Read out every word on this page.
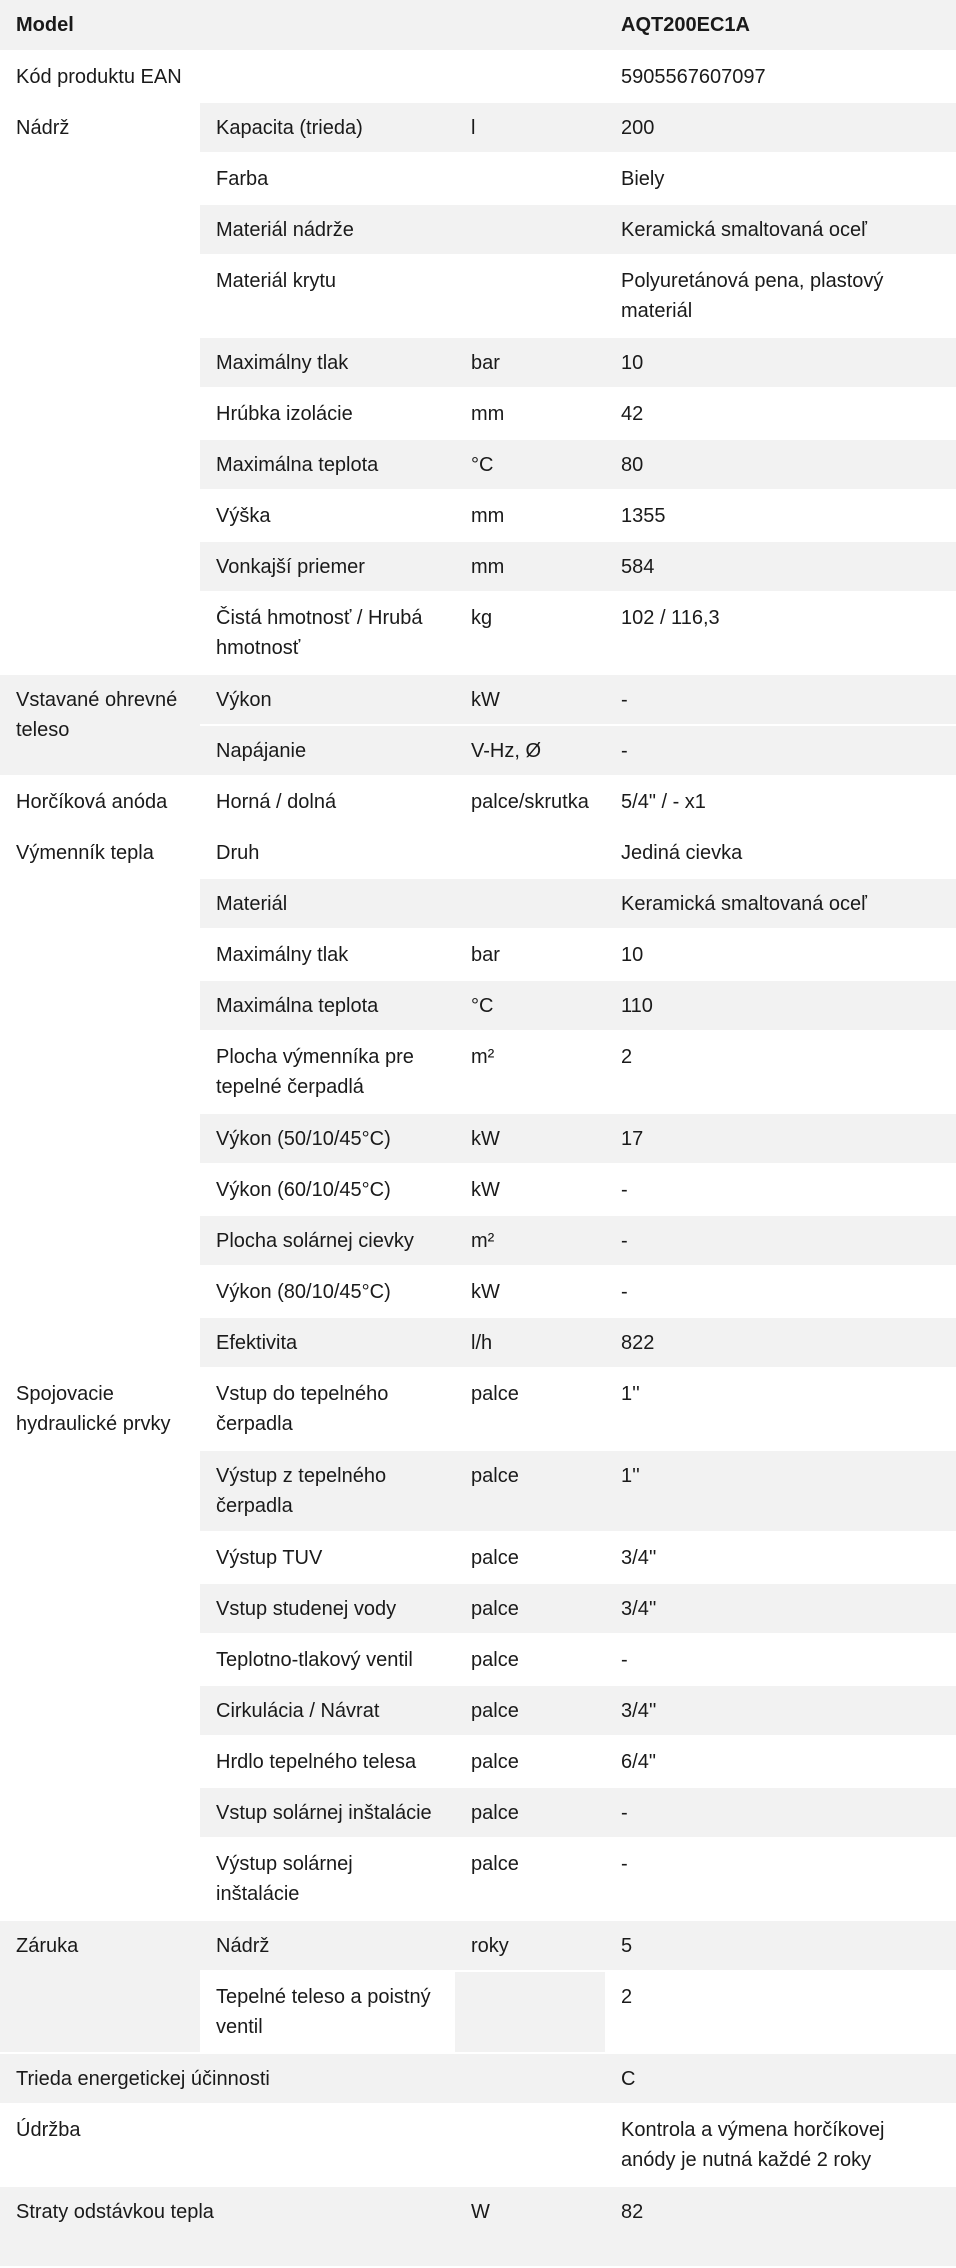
Model			AQT200EC1A
Kód produktu EAN			5905567607097
Nádrž	Kapacita (trieda)	l	200
	Farba		Biely
	Materiál nádrže		Keramická smaltovaná oceľ
	Materiál krytu		Polyuretánová pena, plastový materiál
	Maximálny tlak	bar	10
	Hrúbka izolácie	mm	42
	Maximálna teplota	°C	80
	Výška	mm	1355
	Vonkajší priemer	mm	584
	Čistá hmotnosť / Hrubá hmotnosť	kg	102 / 116,3
Vstavané ohrevné teleso	Výkon	kW	-
	Napájanie	V-Hz, Ø	-
Horčíková anóda	Horná / dolná	palce/skrutka	5/4" / - x1
Výmenník tepla	Druh		Jediná cievka
	Materiál		Keramická smaltovaná oceľ
	Maximálny tlak	bar	10
	Maximálna teplota	°C	110
	Plocha výmenníka pre tepelné čerpadlá	m²	2
	Výkon (50/10/45°C)	kW	17
	Výkon (60/10/45°C)	kW	-
	Plocha solárnej cievky	m²	-
	Výkon (80/10/45°C)	kW	-
	Efektivita	l/h	822
Spojovacie hydraulické prvky	Vstup do tepelného čerpadla	palce	1''
	Výstup z tepelného čerpadla	palce	1''
	Výstup TUV	palce	3/4''
	Vstup studenej vody	palce	3/4''
	Teplotno-tlakový ventil	palce	-
	Cirkulácia / Návrat	palce	3/4''
	Hrdlo tepelného telesa	palce	6/4"
	Vstup solárnej inštalácie	palce	-
	Výstup solárnej inštalácie	palce	-
Záruka	Nádrž	roky	5
	Tepelné teleso a poistný ventil		2
Trieda energetickej účinnosti			C
Údržba			Kontrola a výmena horčíkovej anódy je nutná každé 2 roky
Straty odstávkou tepla		W	82
